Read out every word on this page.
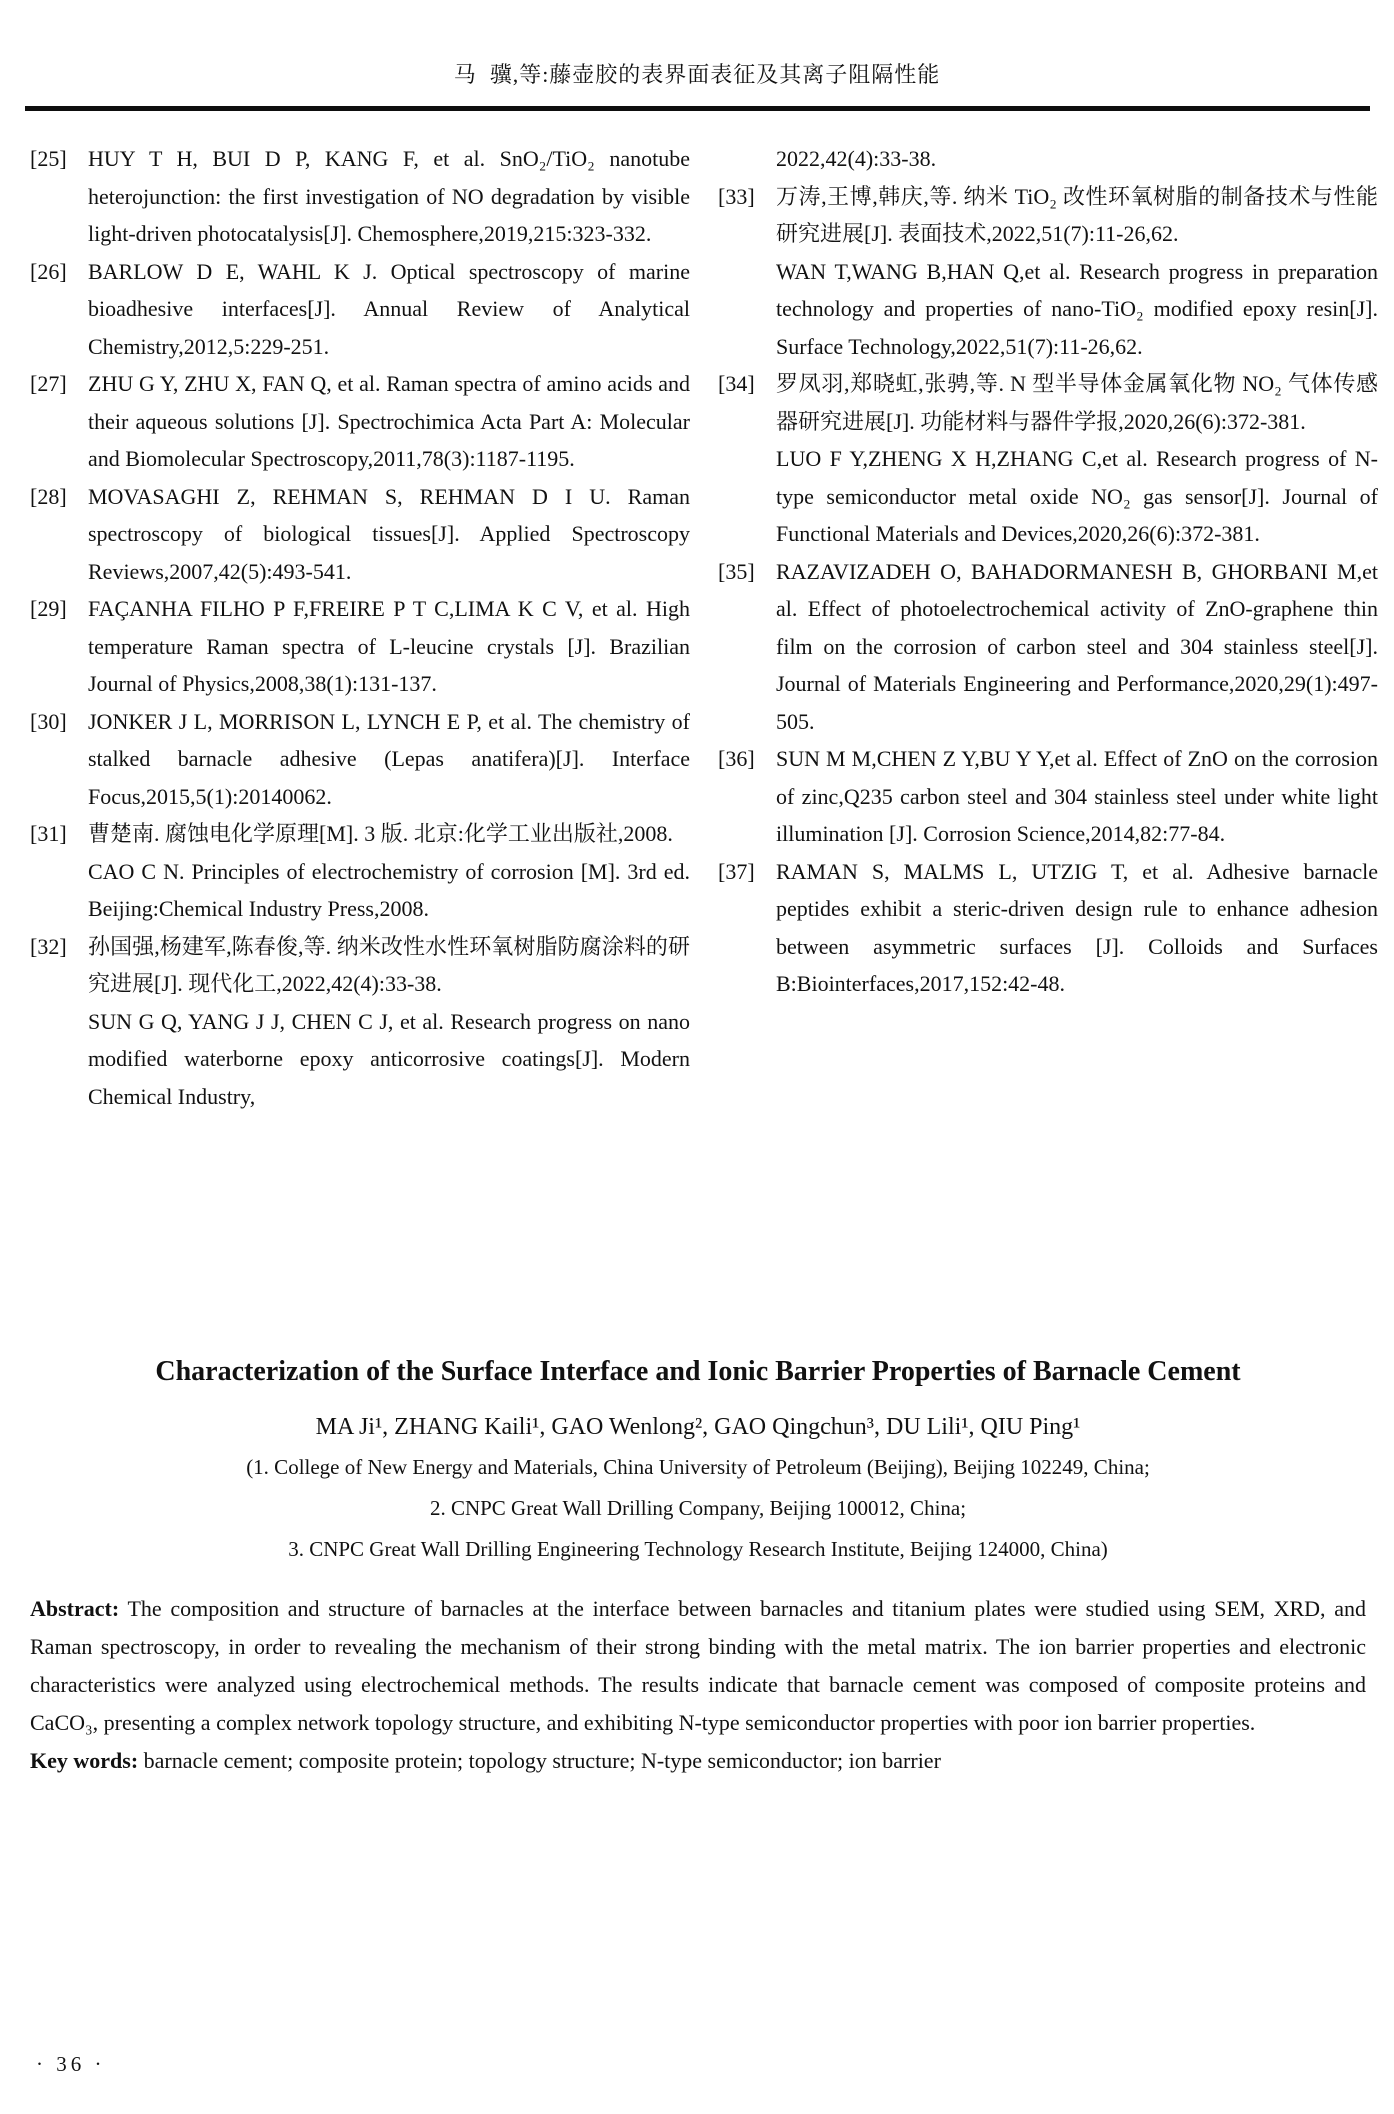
马  骥,等:藤壶胶的表界面表征及其离子阻隔性能
[25] HUY T H, BUI D P, KANG F, et al. SnO₂/TiO₂ nanotube heterojunction: the first investigation of NO degradation by visible light-driven photocatalysis[J]. Chemosphere,2019,215:323-332.

[26] BARLOW D E, WAHL K J. Optical spectroscopy of marine bioadhesive interfaces[J]. Annual Review of Analytical Chemistry,2012,5:229-251.

[27] ZHU G Y, ZHU X, FAN Q, et al. Raman spectra of amino acids and their aqueous solutions [J]. Spectrochimica Acta Part A: Molecular and Biomolecular Spectroscopy,2011,78(3):1187-1195.

[28] MOVASAGHI Z, REHMAN S, REHMAN D I U. Raman spectroscopy of biological tissues[J]. Applied Spectroscopy Reviews,2007,42(5):493-541.

[29] FAÇANHA FILHO P F,FREIRE P T C,LIMA K C V, et al. High temperature Raman spectra of L-leucine crystals [J]. Brazilian Journal of Physics,2008,38(1):131-137.

[30] JONKER J L, MORRISON L, LYNCH E P, et al. The chemistry of stalked barnacle adhesive (Lepas anatifera)[J]. Interface Focus,2015,5(1):20140062.

[31] 曹楚南. 腐蚀电化学原理[M]. 3 版. 北京:化学工业出版社,2008.

CAO C N. Principles of electrochemistry of corrosion [M]. 3rd ed. Beijing:Chemical Industry Press,2008.

[32] 孙国强,杨建军,陈春俊,等. 纳米改性水性环氧树脂防腐涂料的研究进展[J]. 现代化工,2022,42(4):33-38.

SUN G Q, YANG J J, CHEN C J, et al. Research progress on nano modified waterborne epoxy anticorrosive coatings[J]. Modern Chemical Industry,

2022,42(4):33-38.

[33] 万涛,王博,韩庆,等. 纳米 TiO₂ 改性环氧树脂的制备技术与性能研究进展[J]. 表面技术,2022,51(7):11-26,62.

WAN T,WANG B,HAN Q,et al. Research progress in preparation technology and properties of nano-TiO₂ modified epoxy resin[J]. Surface Technology,2022,51(7):11-26,62.

[34] 罗凤羽,郑晓虹,张骋,等. N 型半导体金属氧化物 NO₂ 气体传感器研究进展[J]. 功能材料与器件学报,2020,26(6):372-381.

LUO F Y,ZHENG X H,ZHANG C,et al. Research progress of N-type semiconductor metal oxide NO₂ gas sensor[J]. Journal of Functional Materials and Devices,2020,26(6):372-381.

[35] RAZAVIZADEH O, BAHADORMANESH B, GHORBANI M,et al. Effect of photoelectrochemical activity of ZnO-graphene thin film on the corrosion of carbon steel and 304 stainless steel[J]. Journal of Materials Engineering and Performance,2020,29(1):497-505.

[36] SUN M M,CHEN Z Y,BU Y Y,et al. Effect of ZnO on the corrosion of zinc,Q235 carbon steel and 304 stainless steel under white light illumination [J]. Corrosion Science,2014,82:77-84.

[37] RAMAN S, MALMS L, UTZIG T, et al. Adhesive barnacle peptides exhibit a steric-driven design rule to enhance adhesion between asymmetric surfaces [J]. Colloids and Surfaces B:Biointerfaces,2017,152:42-48.

Characterization of the Surface Interface and Ionic Barrier Properties of Barnacle Cement

MA Ji¹, ZHANG Kaili¹, GAO Wenlong², GAO Qingchun³, DU Lili¹, QIU Ping¹
(1. College of New Energy and Materials, China University of Petroleum (Beijing), Beijing 102249, China;
2. CNPC Great Wall Drilling Company, Beijing 100012, China;
3. CNPC Great Wall Drilling Engineering Technology Research Institute, Beijing 124000, China)
Abstract: The composition and structure of barnacles at the interface between barnacles and titanium plates were studied using SEM, XRD, and Raman spectroscopy, in order to revealing the mechanism of their strong binding with the metal matrix. The ion barrier properties and electronic characteristics were analyzed using electrochemical methods. The results indicate that barnacle cement was composed of composite proteins and CaCO₃, presenting a complex network topology structure, and exhibiting N-type semiconductor properties with poor ion barrier properties.
Key words: barnacle cement; composite protein; topology structure; N-type semiconductor; ion barrier
· 36 ·
